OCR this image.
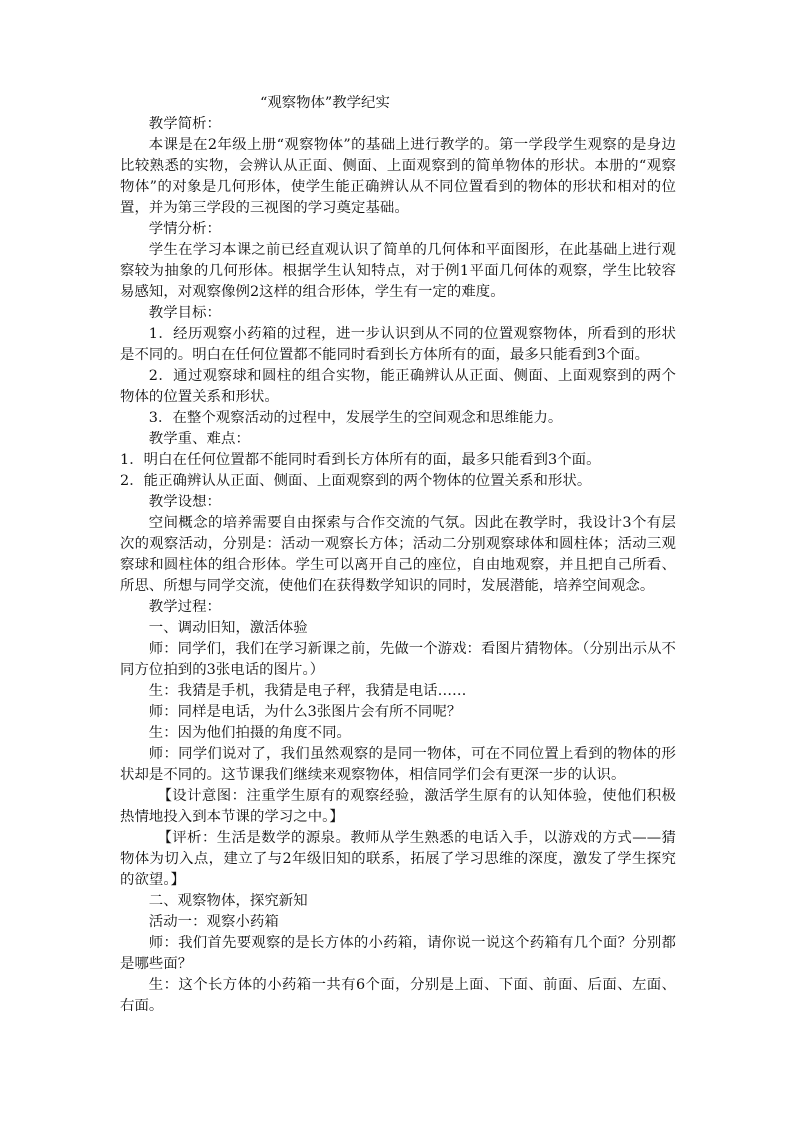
“观察物体”教学纪实

教学简析：

本课是在2年级上册“观察物体”的基础上进行教学的。第一学段学生观察的是身边比较熟悉的实物，会辨认从正面、侧面、上面观察到的简单物体的形状。本册的“观察物体”的对象是几何形体，使学生能正确辨认从不同位置看到的物体的形状和相对的位置，并为第三学段的三视图的学习奠定基础。

学情分析：

学生在学习本课之前已经直观认识了简单的几何体和平面图形，在此基础上进行观察较为抽象的几何形体。根据学生认知特点，对于例1平面几何体的观察，学生比较容易感知，对观察像例2这样的组合形体，学生有一定的难度。

教学目标：

1．经历观察小药箱的过程，进一步认识到从不同的位置观察物体，所看到的形状是不同的。明白在任何位置都不能同时看到长方体所有的面，最多只能看到3个面。

2．通过观察球和圆柱的组合实物，能正确辨认从正面、侧面、上面观察到的两个物体的位置关系和形状。

3．在整个观察活动的过程中，发展学生的空间观念和思维能力。

教学重、难点：

1．明白在任何位置都不能同时看到长方体所有的面，最多只能看到3个面。

2．能正确辨认从正面、侧面、上面观察到的两个物体的位置关系和形状。

教学设想：

空间概念的培养需要自由探索与合作交流的气氛。因此在教学时，我设计3个有层次的观察活动，分别是：活动一观察长方体；活动二分别观察球体和圆柱体；活动三观察球和圆柱体的组合形体。学生可以离开自己的座位，自由地观察，并且把自己所看、所思、所想与同学交流，使他们在获得数学知识的同时，发展潜能，培养空间观念。

教学过程：

一、调动旧知，激活体验

师：同学们，我们在学习新课之前，先做一个游戏：看图片猜物体。（分别出示从不同方位拍到的3张电话的图片。）

生：我猜是手机，我猜是电子秤，我猜是电话……

师：同样是电话，为什么3张图片会有所不同呢？

生：因为他们拍摄的角度不同。

师：同学们说对了，我们虽然观察的是同一物体，可在不同位置上看到的物体的形状却是不同的。这节课我们继续来观察物体，相信同学们会有更深一步的认识。

【设计意图：注重学生原有的观察经验，激活学生原有的认知体验，使他们积极热情地投入到本节课的学习之中。】

【评析：生活是数学的源泉。教师从学生熟悉的电话入手，以游戏的方式——猜物体为切入点，建立了与2年级旧知的联系，拓展了学习思维的深度，激发了学生探究的欲望。】

二、观察物体，探究新知

活动一：观察小药箱

师：我们首先要观察的是长方体的小药箱，请你说一说这个药箱有几个面？分别都是哪些面？

生：这个长方体的小药箱一共有6个面，分别是上面、下面、前面、后面、左面、右面。
